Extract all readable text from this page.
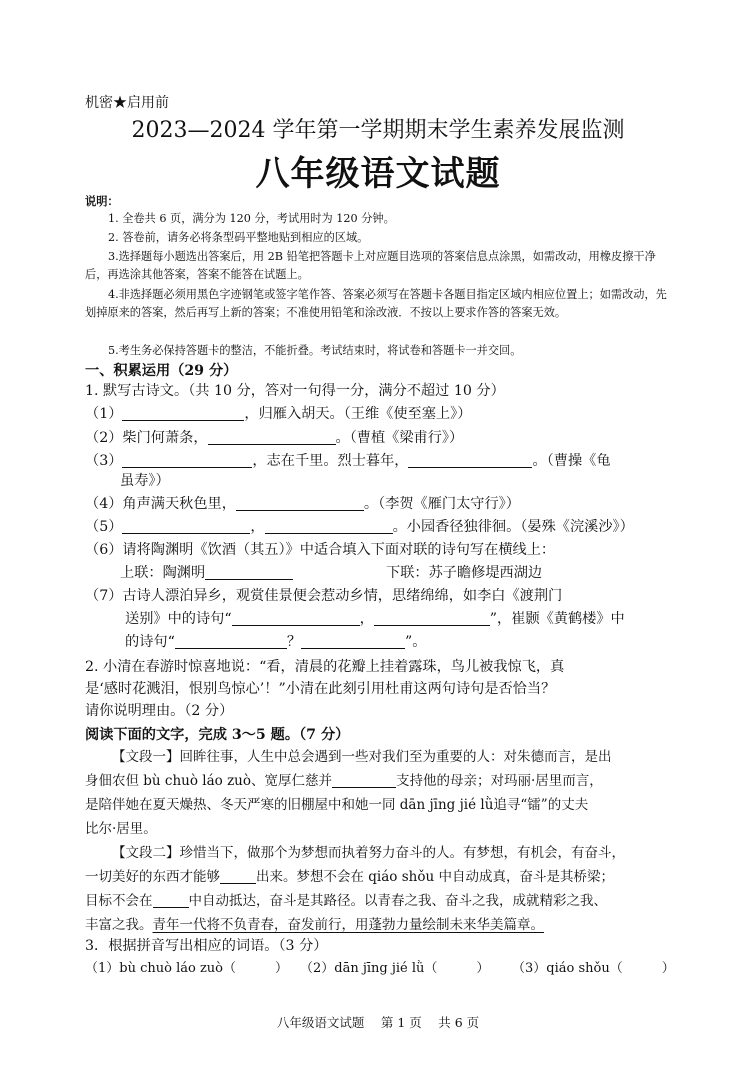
机密★启用前
2023—2024 学年第一学期期末学生素养发展监测
八年级语文试题
说明：
1. 全卷共 6 页，满分为 120 分，考试用时为 120 分钟。
2. 答卷前，请务必将条型码平整地贴到相应的区域。
3.选择题每小题选出答案后，用 2B 铅笔把答题卡上对应题目选项的答案信息点涂黑，如需改动，用橡皮擦干净后，再选涂其他答案，答案不能答在试题上。
4.非选择题必须用黑色字迹钢笔或签字笔作答、答案必须写在答题卡各题目指定区域内相应位置上；如需改动，先划掉原来的答案，然后再写上新的答案；不准使用铅笔和涂改液．不按以上要求作答的答案无效。
5.考生务必保持答题卡的整洁，不能折叠。考试结束时，将试卷和答题卡一并交回。
一、积累运用（29 分）
1. 默写古诗文。（共 10 分，答对一句得一分，满分不超过 10 分）
（1）	，归雁入胡天。（王维《使至塞上》）
（2）柴门何萧条，	。（曹植《梁甫行》）
（3）	，志在千里。烈士暮年，	。（曹操《龟
虽寿》）
（4）角声满天秋色里，	。（李贺《雁门太守行》）
（5）	，	。小园香径独徘徊。（晏殊《浣溪沙》）
（6）请将陶渊明《饮酒（其五）》中适合填入下面对联的诗句写在横线上：
上联：陶渊明	下联：苏子瞻修堤西湖边
（7）古诗人漂泊异乡，观赏佳景便会惹动乡情，思绪绵绵，如李白《渡荆门
送别》中的诗句“	，	”，崔颢《黄鹤楼》中
的诗句“	？	”。
2. 小清在春游时惊喜地说：“看，清晨的花瓣上挂着露珠，鸟儿被我惊飞，真
是‘感时花溅泪，恨别鸟惊心’！”小清在此刻引用杜甫这两句诗句是否恰当？
请你说明理由。（2 分）
阅读下面的文字，完成 3～5 题。（7 分）
【文段一】回眸往事，人生中总会遇到一些对我们至为重要的人：对朱德而言，是出
身佃农但 bù chuò láo zuò、宽厚仁慈并	支持他的母亲；对玛丽·居里而言，
是陪伴她在夏天燥热、冬天严寒的旧棚屋中和她一同 dān jīng jié lǜ追寻“镭”的丈夫
比尔·居里。
【文段二】珍惜当下，做那个为梦想而执着努力奋斗的人。有梦想，有机会，有奋斗，
一切美好的东西才能够	出来。梦想不会在 qiáo shǒu 中自动成真，奋斗是其桥梁；
目标不会在	中自动抵达，奋斗是其路径。以青春之我、奋斗之我，成就精彩之我、
丰富之我。青年一代将不负青春，奋发前行，用蓬勃力量绘制未来华美篇章。
3．根据拼音写出相应的词语。（3 分）
（1）bù chuò láo zuò（　　　） （2）dān jīng jié lǜ（　　　） （3）qiáo shǒu（　　　）
八年级语文试题　 第 1 页　 共 6 页
